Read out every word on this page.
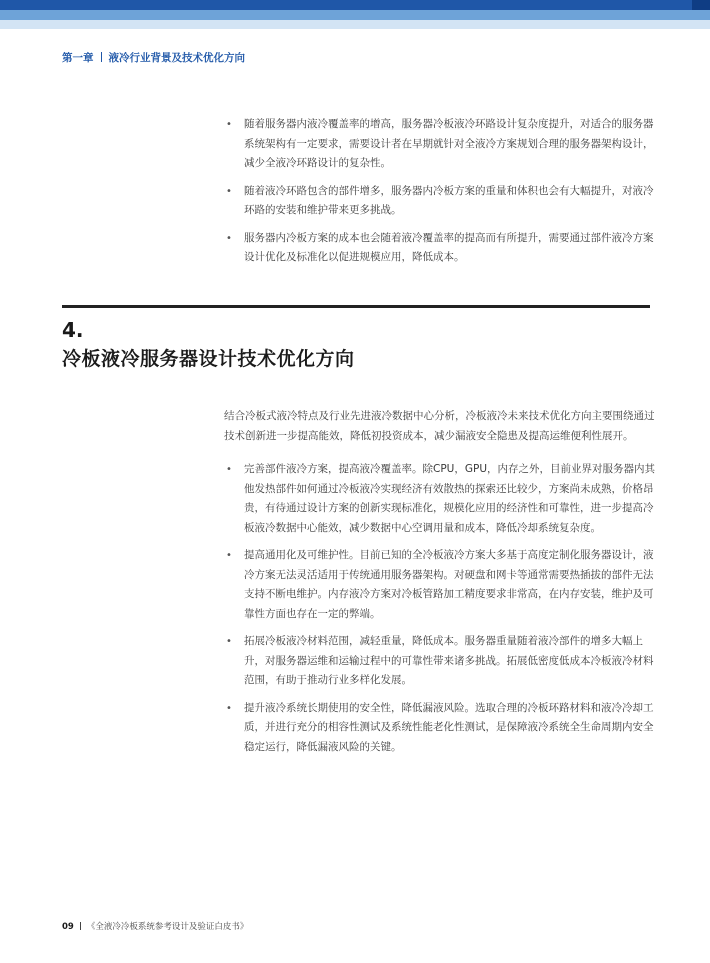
第一章 液冷行业背景及技术优化方向
• 随着服务器内液冷覆盖率的增高，服务器冷板液冷环路设计复杂度提升，对适合的服务器系统架构有一定要求，需要设计者在早期就针对全液冷方案规划合理的服务器架构设计，减少全液冷环路设计的复杂性。
• 随着液冷环路包含的部件增多，服务器内冷板方案的重量和体积也会有大幅提升，对液冷环路的安装和维护带来更多挑战。
• 服务器内冷板方案的成本也会随着液冷覆盖率的提高而有所提升，需要通过部件液冷方案设计优化及标准化以促进规模应用，降低成本。
4.
冷板液冷服务器设计技术优化方向

结合冷板式液冷特点及行业先进液冷数据中心分析，冷板液冷未来技术优化方向主要围绕通过技术创新进一步提高能效，降低初投资成本，减少漏液安全隐患及提高运维便利性展开。

• 完善部件液冷方案，提高液冷覆盖率。除CPU，GPU，内存之外，目前业界对服务器内其他发热部件如何通过冷板液冷实现经济有效散热的探索还比较少，方案尚未成熟，价格昂贵，有待通过设计方案的创新实现标准化，规模化应用的经济性和可靠性，进一步提高冷板液冷数据中心能效，减少数据中心空调用量和成本，降低冷却系统复杂度。
• 提高通用化及可维护性。目前已知的全冷板液冷方案大多基于高度定制化服务器设计，液冷方案无法灵活适用于传统通用服务器架构。对硬盘和网卡等通常需要热插拔的部件无法支持不断电维护。内存液冷方案对冷板管路加工精度要求非常高，在内存安装，维护及可靠性方面也存在一定的弊端。
• 拓展冷板液冷材料范围，减轻重量，降低成本。服务器重量随着液冷部件的增多大幅上升，对服务器运维和运输过程中的可靠性带来诸多挑战。拓展低密度低成本冷板液冷材料范围，有助于推动行业多样化发展。
• 提升液冷系统长期使用的安全性，降低漏液风险。选取合理的冷板环路材料和液冷冷却工质，并进行充分的相容性测试及系统性能老化性测试，是保障液冷系统全生命周期内安全稳定运行，降低漏液风险的关键。
09 《全液冷冷板系统参考设计及验证白皮书》
